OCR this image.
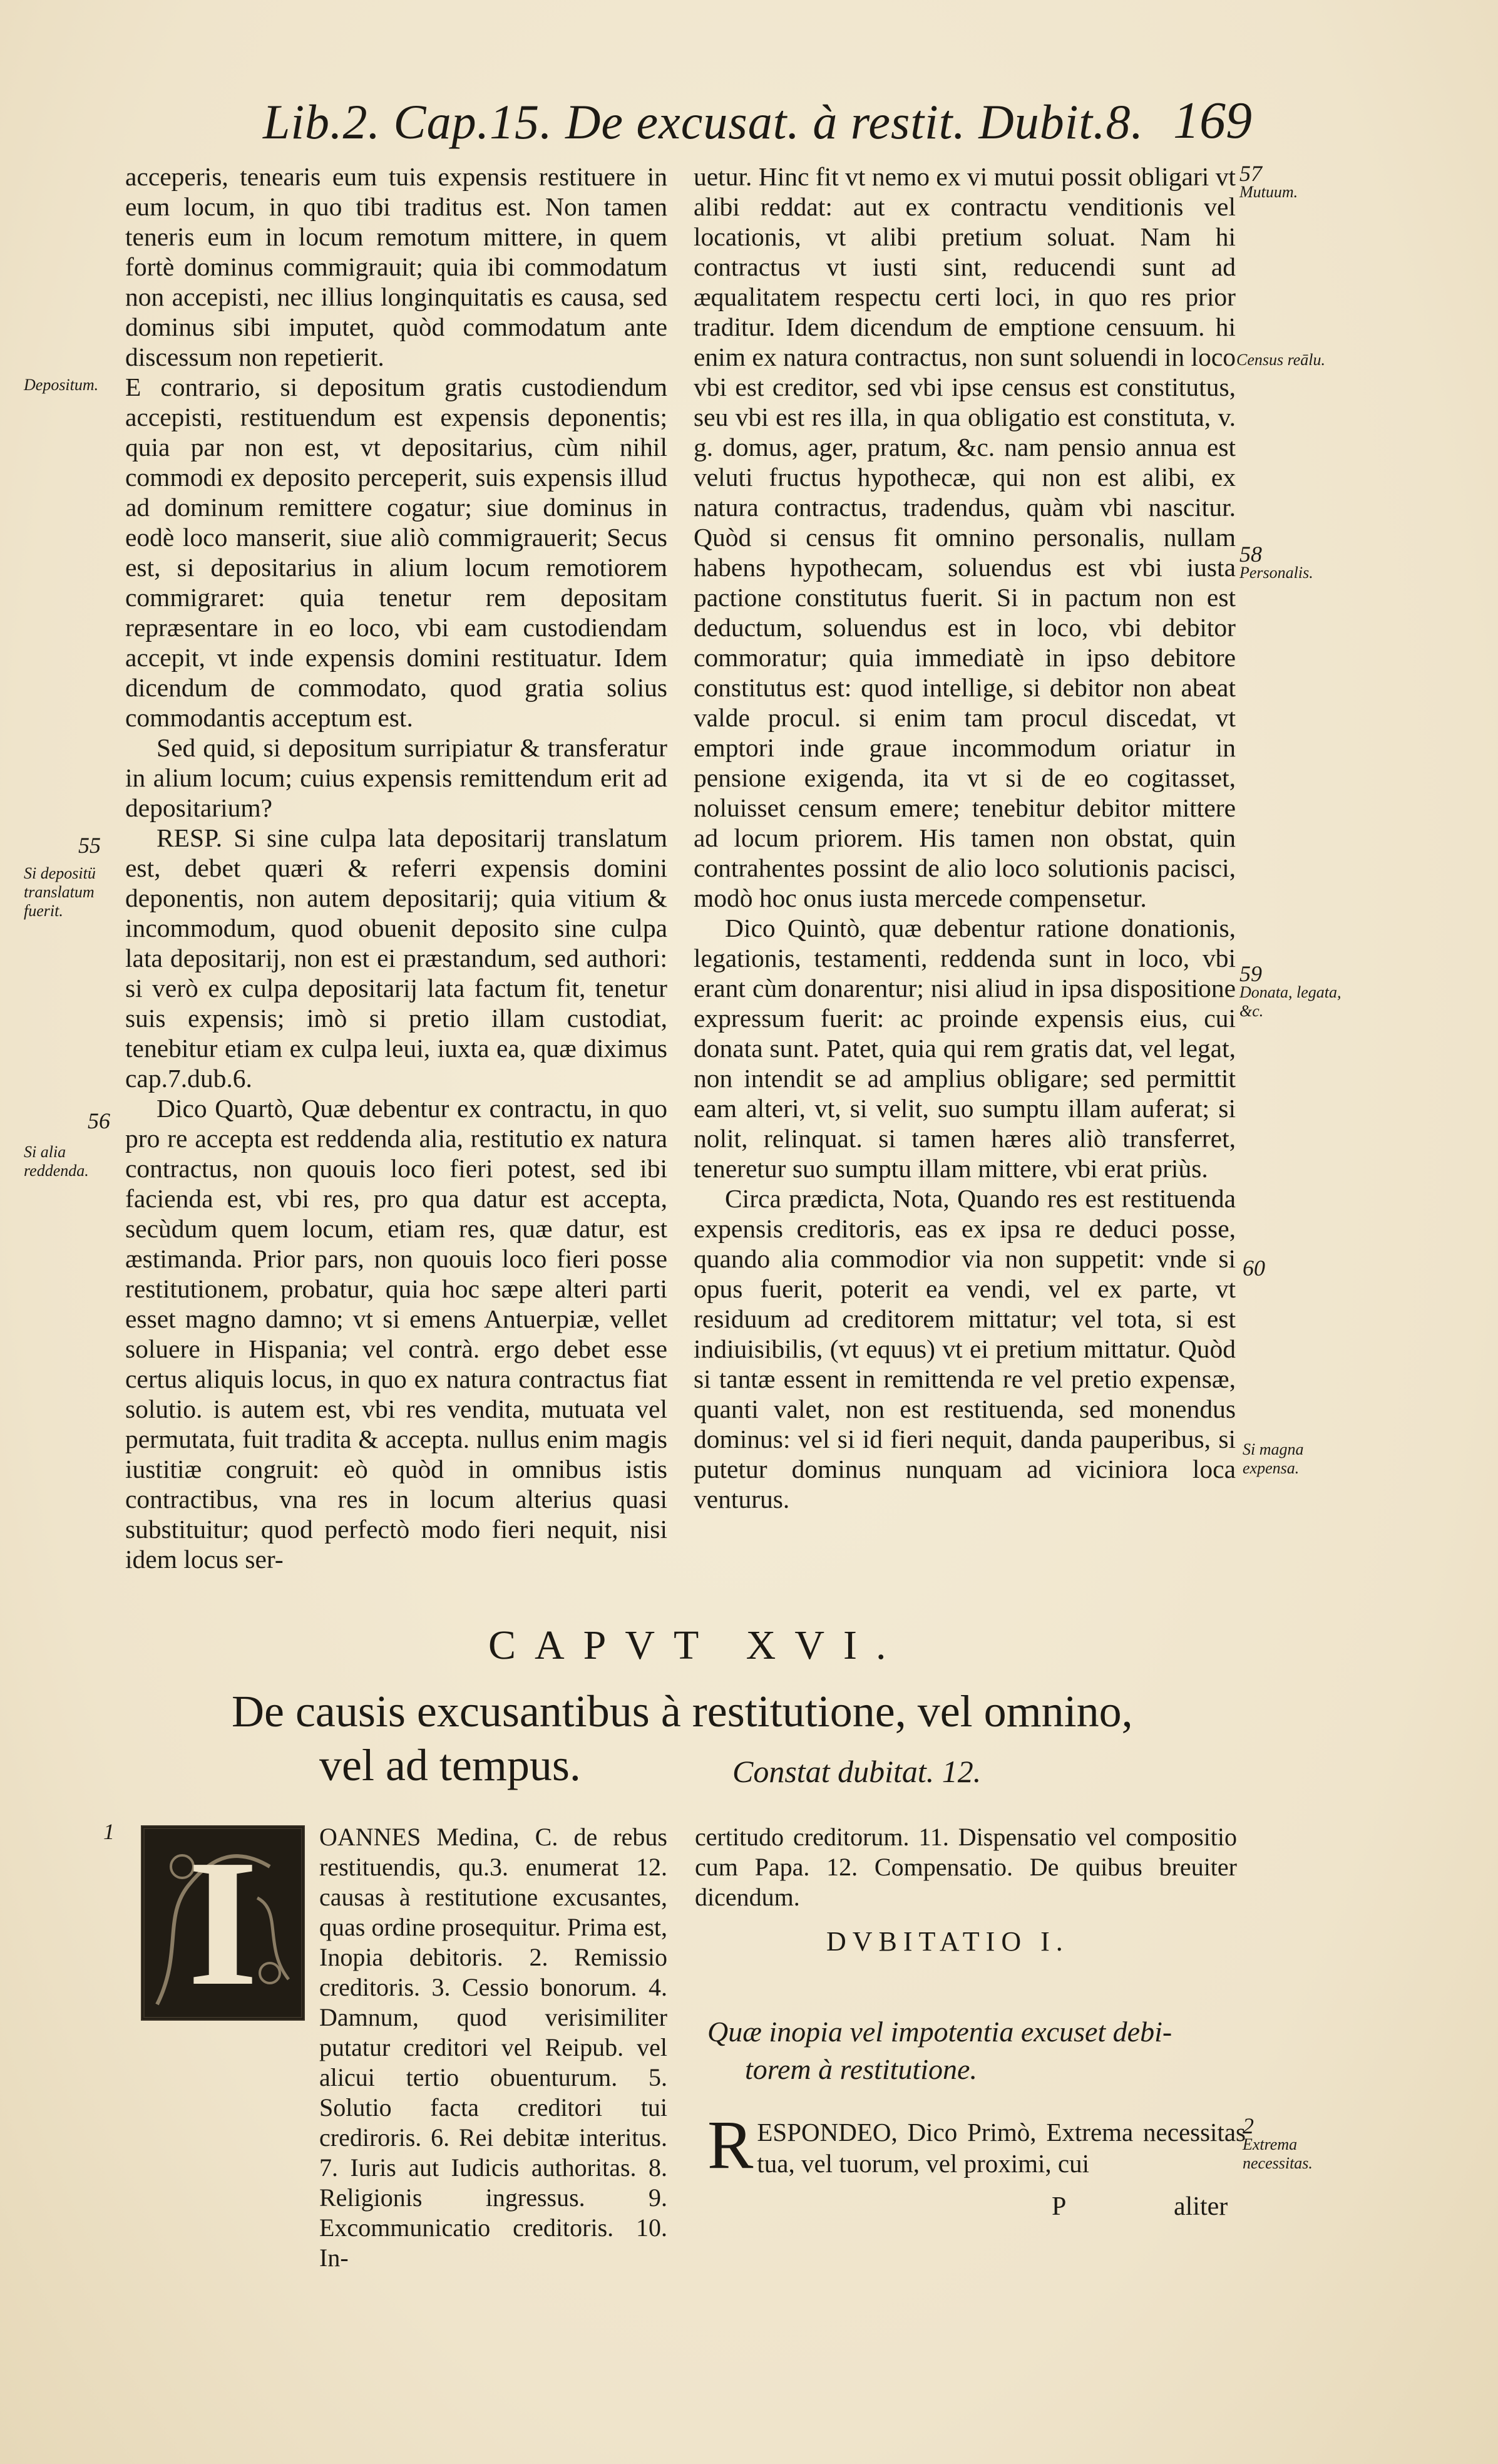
Lib.2. Cap.15. De excusat. à restit. Dubit.8. 169

acceperis, tenearis eum tuis expensis restituere in eum locum, in quo tibi traditus est. Non tamen teneris eum in locum remotum mittere, in quem fortè dominus commigrauit; quia ibi commodatum non accepisti, nec illius longinquitatis es causa, sed dominus sibi imputet, quòd commodatum ante discessum non repetierit.

E contrario, si depositum gratis custodiendum accepisti, restituendum est expensis deponentis; quia par non est, vt depositarius, cùm nihil commodi ex deposito perceperit, suis expensis illud ad dominum remittere cogatur; siue dominus in eodè loco manserit, siue aliò commigrauerit; Secus est, si depositarius in alium locum remotiorem commigraret: quia tenetur rem depositam repræsentare in eo loco, vbi eam custodiendam accepit, vt inde expensis domini restituatur. Idem dicendum de commodato, quod gratia solius commodantis acceptum est.

Sed quid, si depositum surripiatur & transferatur in alium locum; cuius expensis remittendum erit ad depositarium?

RESP. Si sine culpa lata depositarij translatum est, debet quæri & referri expensis domini deponentis, non autem depositarij; quia vitium & incommodum, quod obuenit deposito sine culpa lata depositarij, non est ei præstandum, sed authori: si verò ex culpa depositarij lata factum fit, tenetur suis expensis; imò si pretio illam custodiat, tenebitur etiam ex culpa leui, iuxta ea, quæ diximus cap.7.dub.6.

Dico Quartò, Quæ debentur ex contractu, in quo pro re accepta est reddenda alia, restitutio ex natura contractus, non quouis loco fieri potest, sed ibi facienda est, vbi res, pro qua datur est accepta, secùdum quem locum, etiam res, quæ datur, est æstimanda. Prior pars, non quouis loco fieri posse restitutionem, probatur, quia hoc sæpe alteri parti esset magno damno; vt si emens Antuerpiæ, vellet soluere in Hispania; vel contrà. ergo debet esse certus aliquis locus, in quo ex natura contractus fiat solutio. is autem est, vbi res vendita, mutuata vel permutata, fuit tradita & accepta. nullus enim magis iustitiæ congruit: eò quòd in omnibus istis contractibus, vna res in locum alterius quasi substituitur; quod perfectò modo fieri nequit, nisi idem locus ser-

uetur. Hinc fit vt nemo ex vi mutui possit obligari vt alibi reddat: aut ex contractu venditionis vel locationis, vt alibi pretium soluat. Nam hi contractus vt iusti sint, reducendi sunt ad æqualitatem respectu certi loci, in quo res prior traditur. Idem dicendum de emptione censuum. hi enim ex natura contractus, non sunt soluendi in loco vbi est creditor, sed vbi ipse census est constitutus, seu vbi est res illa, in qua obligatio est constituta, v. g. domus, ager, pratum, &c. nam pensio annua est veluti fructus hypothecæ, qui non est alibi, ex natura contractus, tradendus, quàm vbi nascitur. Quòd si census fit omnino personalis, nullam habens hypothecam, soluendus est vbi iusta pactione constitutus fuerit. Si in pactum non est deductum, soluendus est in loco, vbi debitor commoratur; quia immediatè in ipso debitore constitutus est: quod intellige, si debitor non abeat valde procul. si enim tam procul discedat, vt emptori inde graue incommodum oriatur in pensione exigenda, ita vt si de eo cogitasset, noluisset censum emere; tenebitur debitor mittere ad locum priorem. His tamen non obstat, quin contrahentes possint de alio loco solutionis pacisci, modò hoc onus iusta mercede compensetur.

Dico Quintò, quæ debentur ratione donationis, legationis, testamenti, reddenda sunt in loco, vbi erant cùm donarentur; nisi aliud in ipsa dispositione expressum fuerit: ac proinde expensis eius, cui donata sunt. Patet, quia qui rem gratis dat, vel legat, non intendit se ad amplius obligare; sed permittit eam alteri, vt, si velit, suo sumptu illam auferat; si nolit, relinquat. si tamen hæres aliò transferret, teneretur suo sumptu illam mittere, vbi erat priùs.

Circa prædicta, Nota, Quando res est restituenda expensis creditoris, eas ex ipsa re deduci posse, quando alia commodior via non suppetit: vnde si opus fuerit, poterit ea vendi, vel ex parte, vt residuum ad creditorem mittatur; vel tota, si est indiuisibilis, (vt equus) vt ei pretium mittatur. Quòd si tantæ essent in remittenda re vel pretio expensæ, quanti valet, non est restituenda, sed monendus dominus: vel si id fieri nequit, danda pauperibus, si putetur dominus nunquam ad viciniora loca venturus.

Depositum.
55
Si depositü translatum fuerit.
56
Si alia reddenda.
57
Mutuum.
Census reālu.
58
Personalis.
59
Donata, legata, &c.
60
Si magna expensa.
CAPVT XVI.
De causis excusantibus à restitutione, vel omnino,
vel ad tempus.	Constat dubitat. 12.
1	OANNES Medina, C. de rebus restituendis, qu.3. enumerat 12. causas à restitutione excusantes, quas ordine prosequitur. Prima est, Inopia debitoris. 2. Remissio creditoris. 3. Cessio bonorum. 4. Damnum, quod verisimiliter putatur creditori vel Reipub. vel alicui tertio obuenturum. 5. Solutio facta creditori tui crediroris. 6. Rei debitæ interitus. 7. Iuris aut Iudicis authoritas. 8. Religionis ingressus. 9. Excommunicatio creditoris. 10. In-

I	certitudo creditorum. 11. Dispensatio vel compositio cum Papa. 12. Compensatio. De quibus breuiter dicendum.

DVBITATIO I.
Quæ inopia vel impotentia excuset debi-
torem à restitutione.
2
Extrema necessitas.
R ESPONDEO, Dico Primò, Extrema necessitas tua, vel tuorum, vel proximi, cui
P	aliter
